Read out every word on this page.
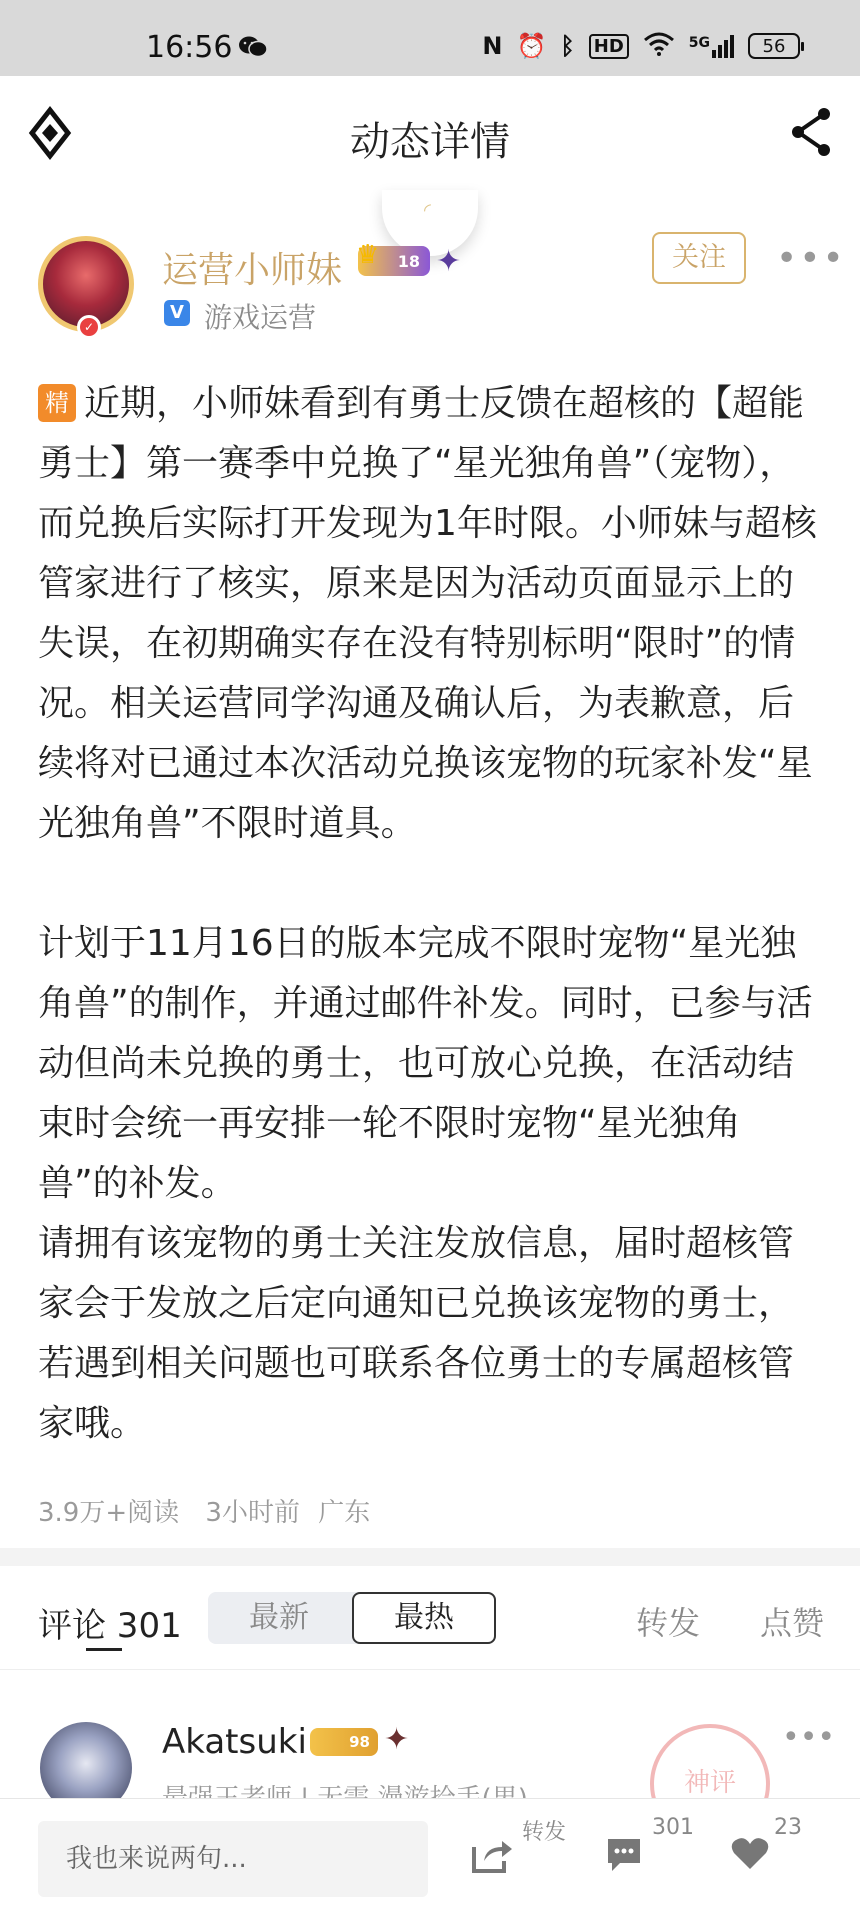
16:56	N ⏰ ᛒ HD	5G	56
动态详情
◜
✓
运营小师妹	18
♛ ✦
V 游戏运营
关注	•••

精 近期，小师妹看到有勇士反馈在超核的【超能勇士】第一赛季中兑换了“星光独角兽”（宠物），而兑换后实际打开发现为1年时限。小师妹与超核管家进行了核实，原来是因为活动页面显示上的失误，在初期确实存在没有特别标明“限时”的情况。相关运营同学沟通及确认后，为表歉意，后续将对已通过本次活动兑换该宠物的玩家补发“星光独角兽”不限时道具。

计划于11月16日的版本完成不限时宠物“星光独角兽”的制作，并通过邮件补发。同时，已参与活动但尚未兑换的勇士，也可放心兑换，在活动结束时会统一再安排一轮不限时宠物“星光独角兽”的补发。

请拥有该宠物的勇士关注发放信息，届时超核管家会于发放之后定向通知已兑换该宠物的勇士，若遇到相关问题也可联系各位勇士的专属超核管家哦。

3.9万+阅读 3小时前 广东
评论 301	最新	最热	转发 点赞
Akatsuki	98 ✦
神评
•••
我也来说两句...
转发	301	23
